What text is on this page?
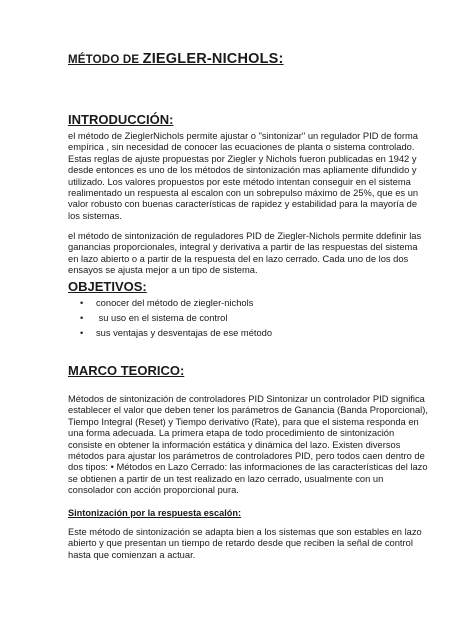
MÉTODO DE ZIEGLER-NICHOLS:
INTRODUCCIÓN:
el método de ZieglerNichols permite ajustar o "sintonizar" un regulador PID de forma
empírica , sin necesidad de conocer las ecuaciones de planta o sistema controlado.
Estas reglas de ajuste propuestas por Ziegler y Nichols fueron publicadas en 1942 y
desde entonces es uno de los métodos de sintonización mas apliamente difundido y
utilizado. Los valores propuestos por este método intentan conseguir en el sistema
realimentado un respuesta al escalon con un sobrepulso máximo de 25%, que es un
valor robusto con buenas características de rapidez y estabilidad para la mayoría de
los sistemas.
el método de sintonización de reguladores PID de Ziegler-Nichols permite ddefinir las
ganancias proporcionales, integral y derivativa a partir de las respuestas del sistema
en lazo abierto o a partir de la respuesta del en lazo cerrado. Cada uno de los dos
ensayos se ajusta mejor a un tipo de sistema.
OBJETIVOS:
• conocer del método de ziegler-nichols
• su uso en el sistema de control
• sus ventajas y desventajas de ese método
MARCO TEORICO:
Métodos de sintonización de controladores PID Sintonizar un controlador PID significa
establecer el valor que deben tener los parámetros de Ganancia (Banda Proporcional),
Tiempo Integral (Reset) y Tiempo derivativo (Rate), para que el sistema responda en
una forma adecuada. La primera etapa de todo procedimiento de sintonización
consiste en obtener la información estática y dinámica del lazo. Existen diversos
métodos para ajustar los parámetros de controladores PID, pero todos caen dentro de
dos tipos: • Métodos en Lazo Cerrado: las informaciones de las características del lazo
se obtienen a partir de un test realizado en lazo cerrado, usualmente con un
consolador con acción proporcional pura.
Sintonización por la respuesta escalón:
Este método de sintonización se adapta bien a los sistemas que son estables en lazo
abierto y que presentan un tiempo de retardo desde que reciben la señal de control
hasta que comienzan a actuar.
